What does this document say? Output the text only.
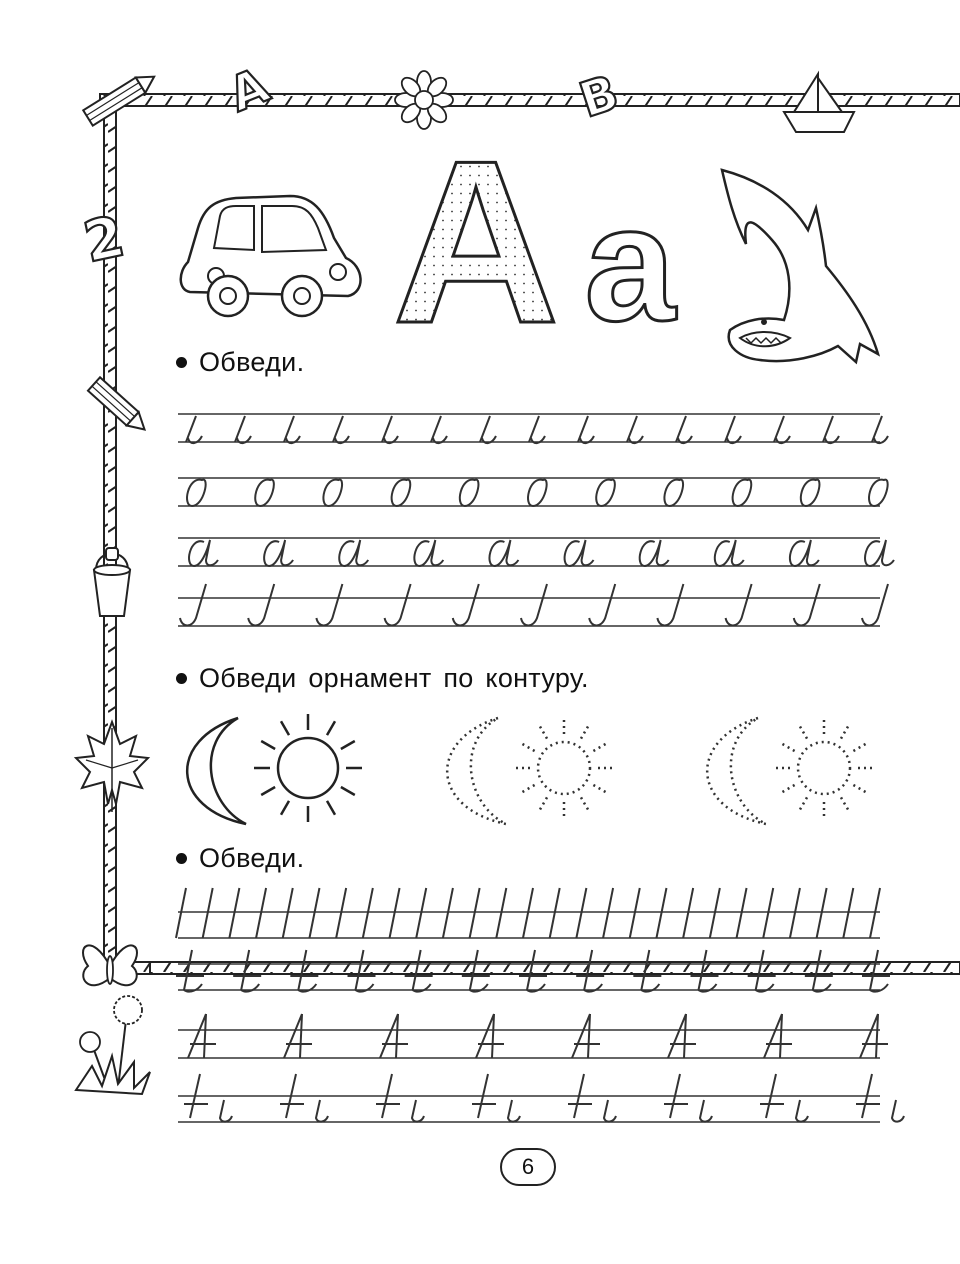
А	В
2 А а
Обведи.
Обведи орнамент по контуру.
Обведи.
6
